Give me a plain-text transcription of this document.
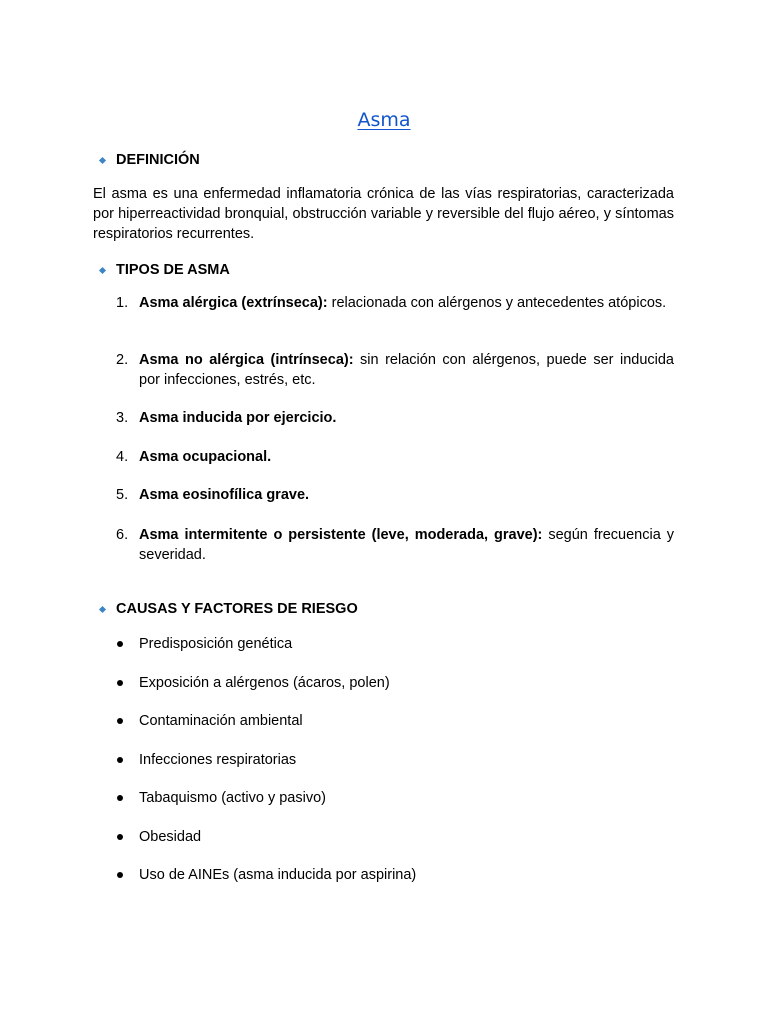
Asma
DEFINICIÓN
El asma es una enfermedad inflamatoria crónica de las vías respiratorias, caracterizada por hiperreactividad bronquial, obstrucción variable y reversible del flujo aéreo, y síntomas respiratorios recurrentes.
TIPOS DE ASMA
1. Asma alérgica (extrínseca): relacionada con alérgenos y antecedentes atópicos.
2. Asma no alérgica (intrínseca): sin relación con alérgenos, puede ser inducida por infecciones, estrés, etc.
3. Asma inducida por ejercicio.
4. Asma ocupacional.
5. Asma eosinofílica grave.
6. Asma intermitente o persistente (leve, moderada, grave): según frecuencia y severidad.
CAUSAS Y FACTORES DE RIESGO
Predisposición genética
Exposición a alérgenos (ácaros, polen)
Contaminación ambiental
Infecciones respiratorias
Tabaquismo (activo y pasivo)
Obesidad
Uso de AINEs (asma inducida por aspirina)
